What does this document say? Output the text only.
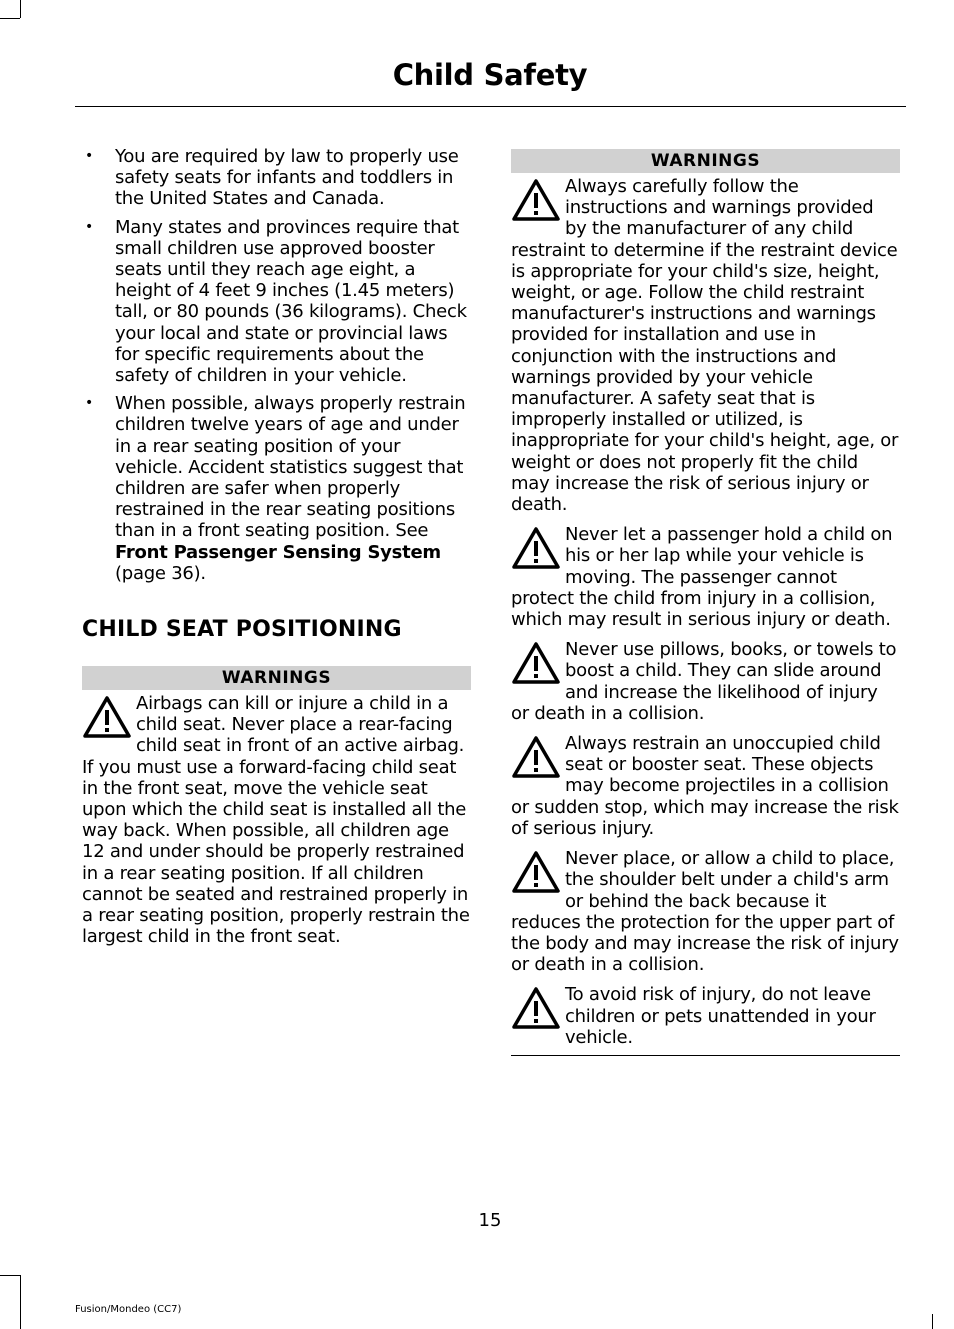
Child Safety
• You are required by law to properly use safety seats for infants and toddlers in the United States and Canada.
• Many states and provinces require that small children use approved booster seats until they reach age eight, a height of 4 feet 9 inches (1.45 meters) tall, or 80 pounds (36 kilograms). Check your local and state or provincial laws for specific requirements about the safety of children in your vehicle.
• When possible, always properly restrain children twelve years of age and under in a rear seating position of your vehicle. Accident statistics suggest that children are safer when properly restrained in the rear seating positions than in a front seating position. See Front Passenger Sensing System (page 36).
CHILD SEAT POSITIONING
WARNINGS
Airbags can kill or injure a child in a child seat. Never place a rear-facing child seat in front of an active airbag. If you must use a forward-facing child seat in the front seat, move the vehicle seat upon which the child seat is installed all the way back. When possible, all children age 12 and under should be properly restrained in a rear seating position. If all children cannot be seated and restrained properly in a rear seating position, properly restrain the largest child in the front seat.
WARNINGS
Always carefully follow the instructions and warnings provided by the manufacturer of any child restraint to determine if the restraint device is appropriate for your child's size, height, weight, or age. Follow the child restraint manufacturer's instructions and warnings provided for installation and use in conjunction with the instructions and warnings provided by your vehicle manufacturer. A safety seat that is improperly installed or utilized, is inappropriate for your child's height, age, or weight or does not properly fit the child may increase the risk of serious injury or death.
Never let a passenger hold a child on his or her lap while your vehicle is moving. The passenger cannot protect the child from injury in a collision, which may result in serious injury or death.
Never use pillows, books, or towels to boost a child. They can slide around and increase the likelihood of injury or death in a collision.
Always restrain an unoccupied child seat or booster seat. These objects may become projectiles in a collision or sudden stop, which may increase the risk of serious injury.
Never place, or allow a child to place, the shoulder belt under a child's arm or behind the back because it reduces the protection for the upper part of the body and may increase the risk of injury or death in a collision.
To avoid risk of injury, do not leave children or pets unattended in your vehicle.
15
Fusion/Mondeo (CC7)
